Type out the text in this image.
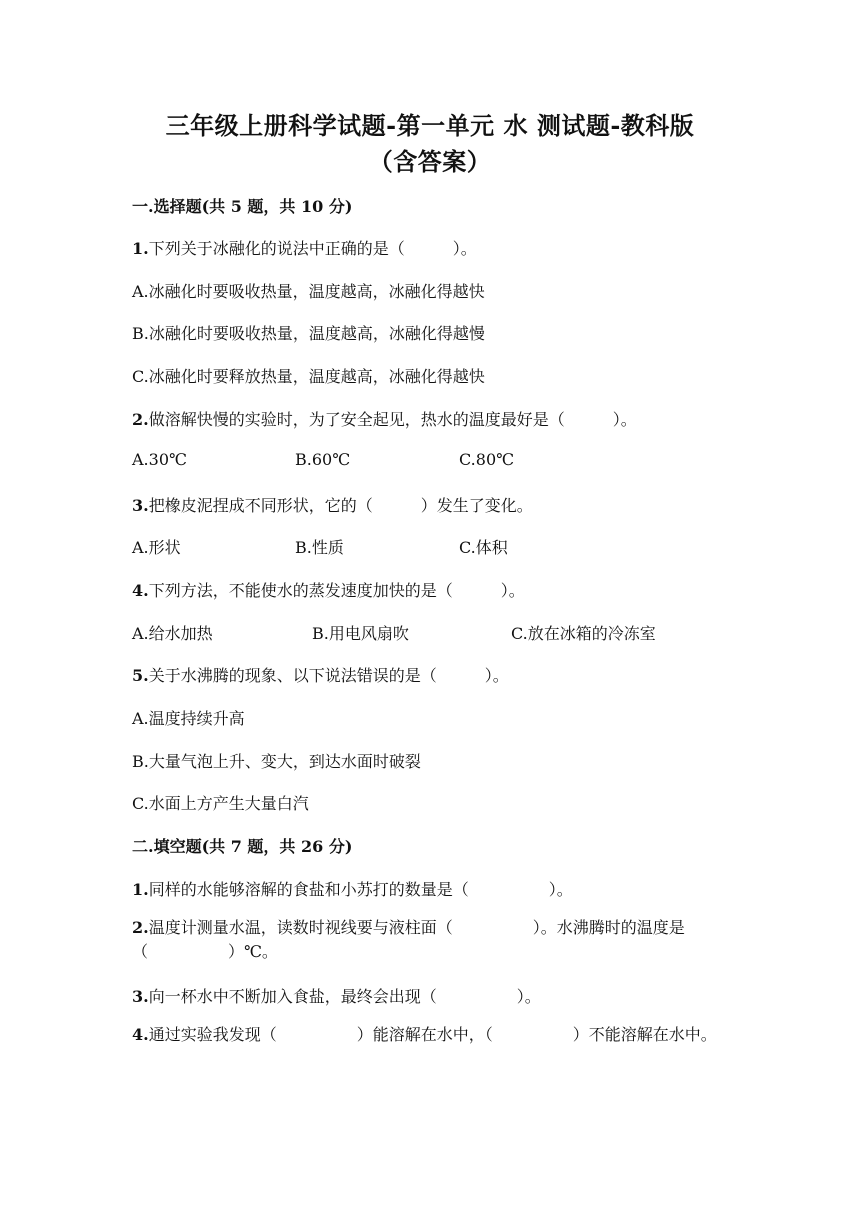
三年级上册科学试题-第一单元 水 测试题-教科版
（含答案）
一.选择题(共 5 题，共 10 分)
1.下列关于冰融化的说法中正确的是（　　　）。
A.冰融化时要吸收热量，温度越高，冰融化得越快
B.冰融化时要吸收热量，温度越高，冰融化得越慢
C.冰融化时要释放热量，温度越高，冰融化得越快
2.做溶解快慢的实验时，为了安全起见，热水的温度最好是（　　　）。
A.30℃	B.60℃	C.80℃
3.把橡皮泥捏成不同形状，它的（　　　）发生了变化。
A.形状	B.性质	C.体积
4.下列方法，不能使水的蒸发速度加快的是（　　　）。
A.给水加热	B.用电风扇吹	C.放在冰箱的冷冻室
5.关于水沸腾的现象、以下说法错误的是（　　　）。
A.温度持续升高
B.大量气泡上升、变大，到达水面时破裂
C.水面上方产生大量白汽
二.填空题(共 7 题，共 26 分)
1.同样的水能够溶解的食盐和小苏打的数量是（　　　　　）。
2.温度计测量水温，读数时视线要与液柱面（　　　　　）。水沸腾时的温度是（　　　　　）℃。
3.向一杯水中不断加入食盐，最终会出现（　　　　　）。
4.通过实验我发现（　　　　　）能溶解在水中，（　　　　　）不能溶解在水中。
